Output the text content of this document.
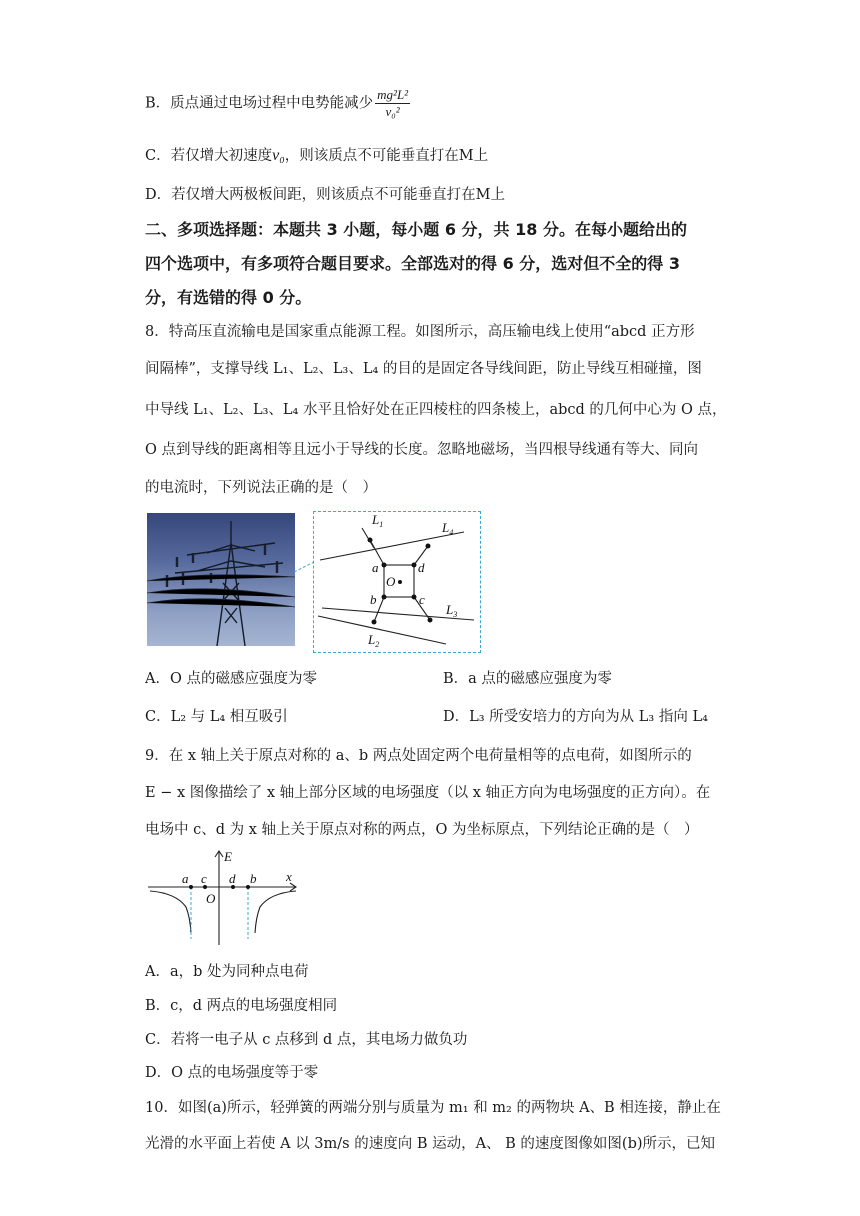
B．质点通过电场过程中电势能减少 $\frac{\text{mg²L²}}{\text{v₀²}}$
C．若仅增大初速度v₀，则该质点不可能垂直打在M上
D．若仅增大两极板间距，则该质点不可能垂直打在M上
二、多项选择题：本题共 3 小题，每小题 6 分，共 18 分。在每小题给出的
四个选项中，有多项符合题目要求。全部选对的得 6 分，选对但不全的得 3
分，有选错的得 0 分。
8．特高压直流输电是国家重点能源工程。如图所示，高压输电线上使用“abcd 正方形
间隔棒”，支撑导线 L₁、L₂、L₃、L₄ 的目的是固定各导线间距，防止导线互相碰撞，图
中导线 L₁、L₂、L₃、L₄ 水平且恰好处在正四棱柱的四条棱上，abcd 的几何中心为 O 点，
O 点到导线的距离相等且远小于导线的长度。忽略地磁场，当四根导线通有等大、同向
的电流时，下列说法正确的是（　）
$L_1$	$L_4$
$L_3$
$L_2$
a	d
b	c
O
A．O 点的磁感应强度为零	B．a 点的磁感应强度为零
C．L₂ 与 L₄ 相互吸引	D．L₃ 所受安培力的方向为从 L₃ 指向 L₄
9．在 x 轴上关于原点对称的 a、b 两点处固定两个电荷量相等的点电荷，如图所示的
E − x 图像描绘了 x 轴上部分区域的电场强度（以 x 轴正方向为电场强度的正方向）。在
电场中 c、d 为 x 轴上关于原点对称的两点，O 为坐标原点，下列结论正确的是（　）
E
x
a c d b
O
A．a，b 处为同种点电荷
B．c，d 两点的电场强度相同
C．若将一电子从 c 点移到 d 点，其电场力做负功
D．O 点的电场强度等于零
10．如图(a)所示，轻弹簧的两端分别与质量为 m₁ 和 m₂ 的两物块 A、B 相连接，静止在
光滑的水平面上若使 A 以 3m/s 的速度向 B 运动，A、 B 的速度图像如图(b)所示，已知
